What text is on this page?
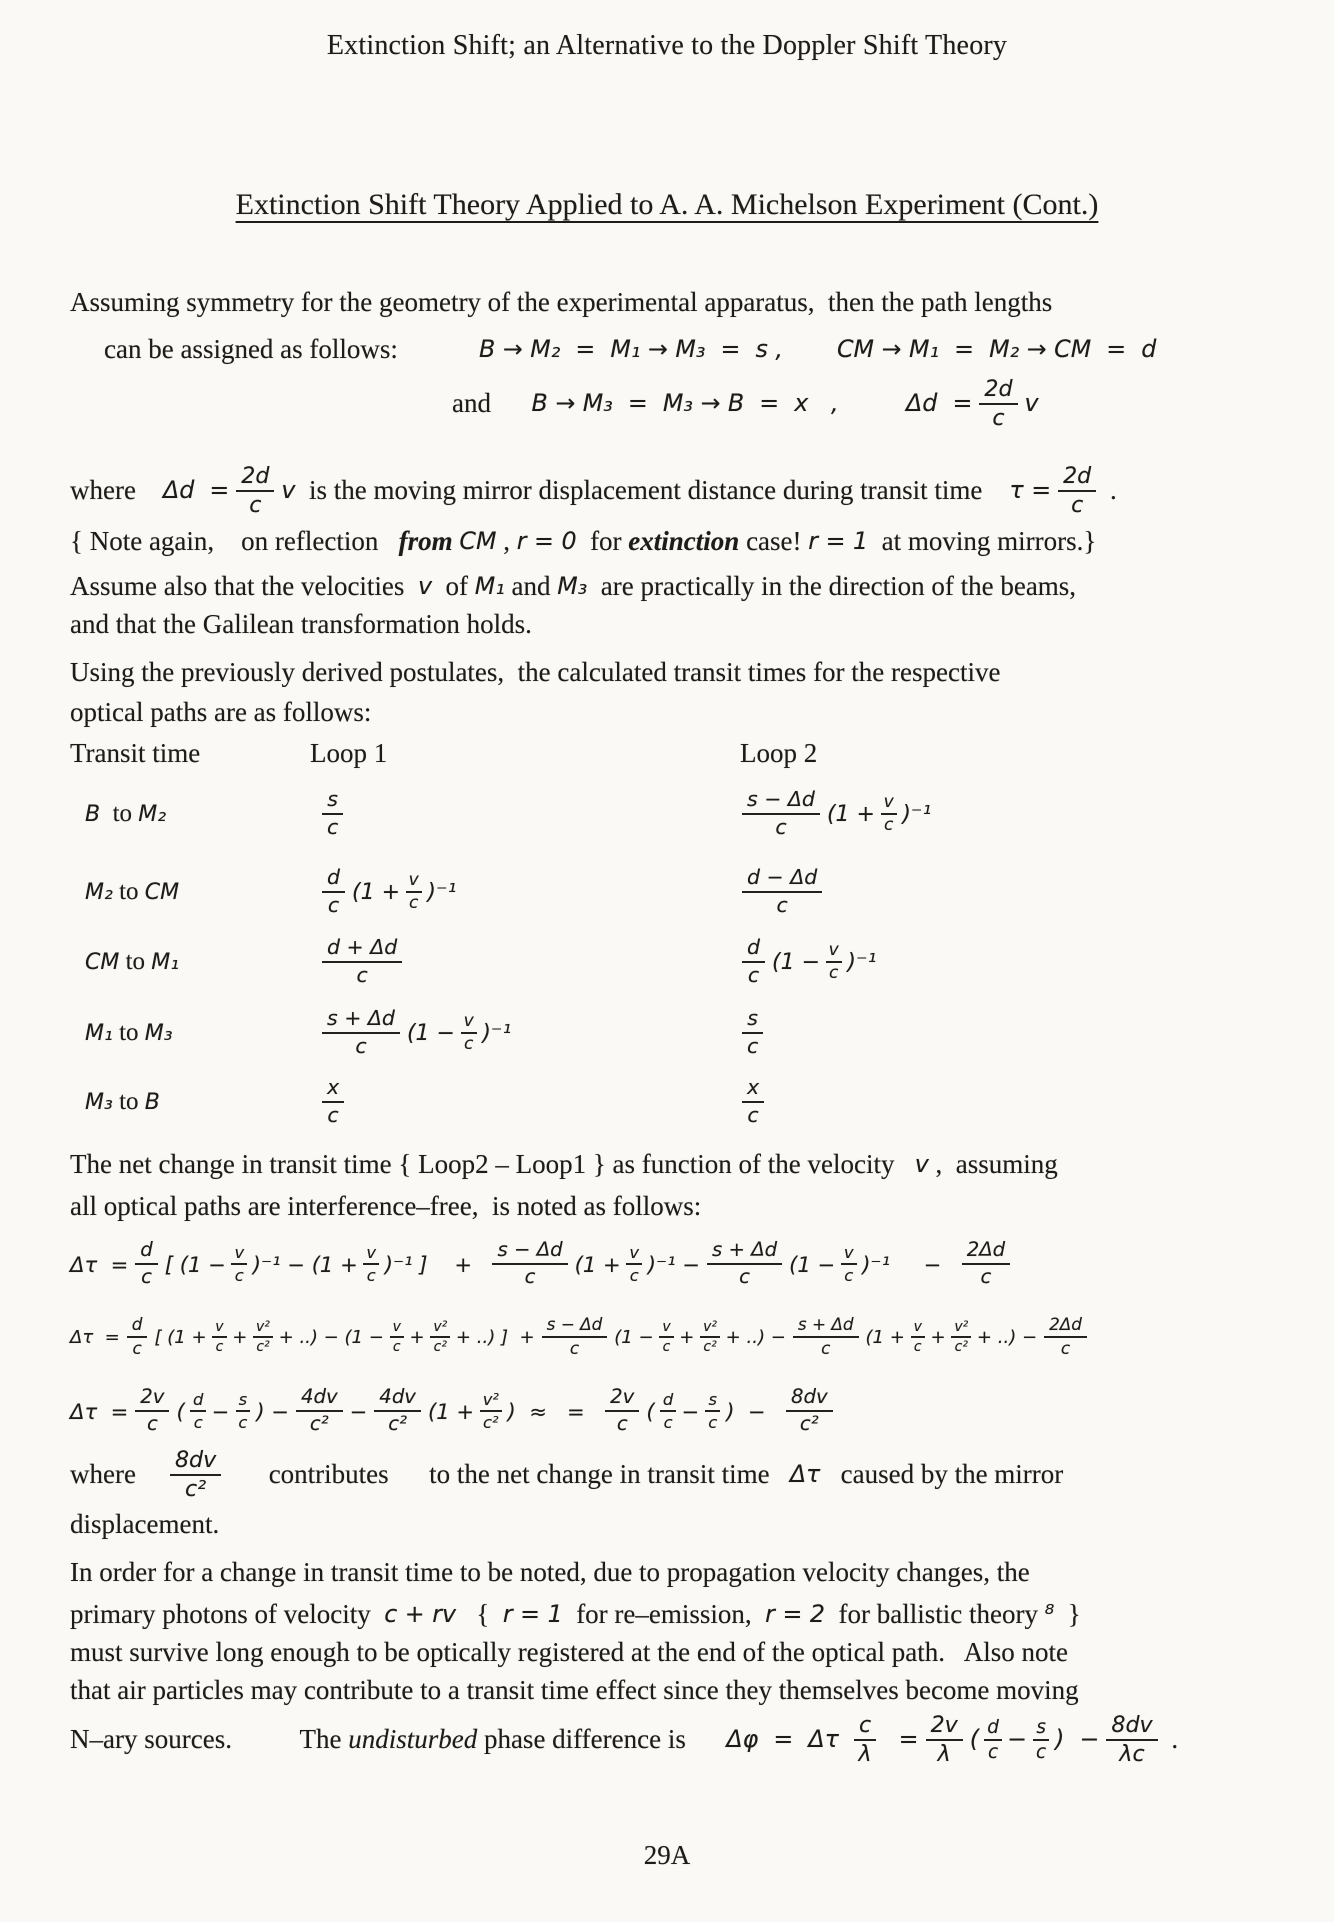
Extinction Shift; an Alternative to the Doppler Shift Theory
Extinction Shift Theory Applied to A. A. Michelson Experiment (Cont.)
Assuming symmetry for the geometry of the experimental apparatus,  then the path lengths
can be assigned as follows:
	B → M₂  =  M₁ → M₃  =  s ,
CM → M₁  =  M₂ → CM  =  d
and B → M₃  =  M₃ → B  =  x   ,
	$\Delta d = \frac{2d}{c}$ v
where $\Delta d = \frac{2d}{c}$ v is the moving mirror displacement distance during transit time $\tau = \frac{2d}{c}$ .
{ Note again,    on reflection from CM , r = 0 for extinction case! r = 1 at moving mirrors.}
Assume also that the velocities v of M₁ and M₃ are practically in the direction of the beams,
and that the Galilean transformation holds.
Using the previously derived postulates,  the calculated transit times for the respective
optical paths are as follows:
Transit time	Loop 1	Loop 2
B to M₂	$\frac{s}{c}$	$\frac{s - \Delta d}{c} (1 + \frac{v}{c} )^{-1}$
M₂ to CM	$\frac{d}{c} (1 + \frac{v}{c} )^{-1}$	$\frac{d - \Delta d}{c}$
CM to M₁	$\frac{d + \Delta d}{c}$	$\frac{d}{c} (1 - \frac{v}{c} )^{-1}$
M₁ to M₃	$\frac{s + \Delta d}{c} (1 - \frac{v}{c} )^{-1}$	$\frac{s}{c}$
M₃ to B	$\frac{x}{c}$	$\frac{x}{c}$
The net change in transit time { Loop2 – Loop1 } as function of the velocity v ,  assuming
all optical paths are interference–free,  is noted as follows:
$\Delta\tau = \frac{d}{c}$ [ $(1 - \frac{v}{c} )^{-1} - (1 + \frac{v}{c} )^{-1}$ ]    + $\frac{s - \Delta d}{c} (1 + \frac{v}{c} )^{-1} - \frac{s + \Delta d}{c} (1 - \frac{v}{c} )^{-1}$     − $\frac{2\Delta d}{c}$
$\Delta\tau = \frac{d}{c}$ [ ($1 + \frac{v}{c} + \frac{\text{v²}}{\text{c²}}$ + ..) − ($1 - \frac{v}{c} + \frac{\text{v²}}{\text{c²}}$ + ..) ]  + $\frac{s - \Delta d}{c} (1 - \frac{v}{c} + \frac{\text{v²}}{\text{c²}}$ + ..) − $\frac{s + \Delta d}{c} (1 + \frac{v}{c} + \frac{\text{v²}}{\text{c²}}$ + ..) − $\frac{2\Delta d}{c}$
$\Delta\tau = \frac{2v}{c}$ ( $\frac{d}{c} - \frac{s}{c}$ ) − $\frac{4dv}{\text{c²}} - \frac{4dv}{\text{c²}} (1 + \frac{\text{v²}}{\text{c²}}$ )  ≈   = $\frac{2v}{c}$ ( $\frac{d}{c} - \frac{s}{c}$ )  − $\frac{8dv}{\text{c²}}$
where $\frac{8dv}{\text{c²}}$ contributes      to the net change in transit time Δτ caused by the mirror
displacement.
In order for a change in transit time to be noted, due to propagation velocity changes, the
primary photons of velocity c + rv { r = 1 for re–emission, r = 2 for ballistic theory ⁸ }
must survive long enough to be optically registered at the end of the optical path.   Also note
that air particles may contribute to a transit time effect since they themselves become moving
N–ary sources.
	The undisturbed phase difference is Δφ  =  Δτ $\frac{c}{\lambda} = \frac{2v}{\lambda}$ ( $\frac{d}{c} - \frac{s}{c}$ )  − $\frac{8dv}{\lambda c}$ .
29A
